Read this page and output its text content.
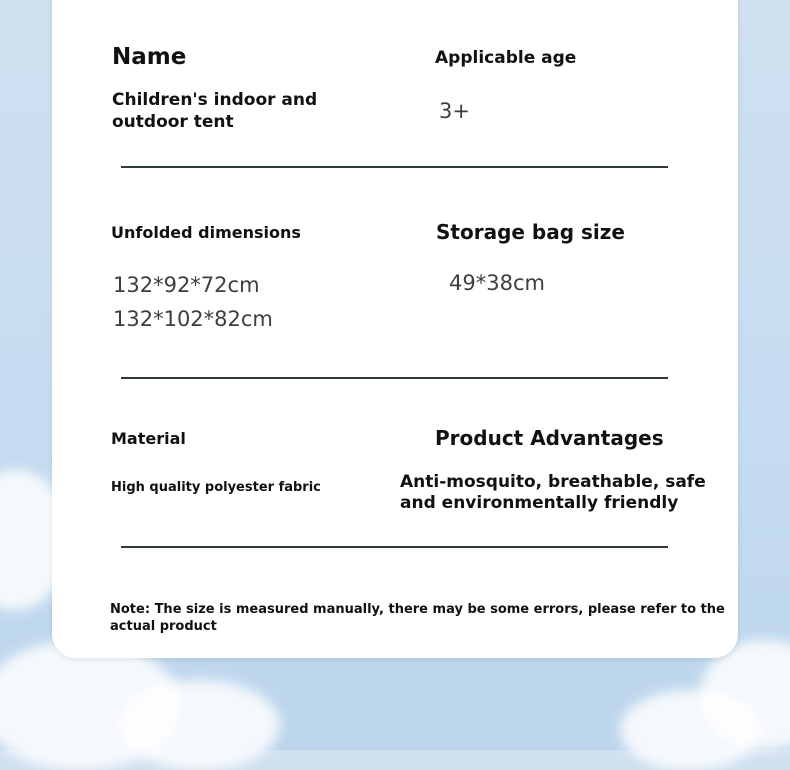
Name

Children's indoor and

outdoor tent

Applicable age

3+

Unfolded dimensions

132*92*72cm

132*102*82cm

Storage bag size

49*38cm

Material

High quality polyester fabric

Product Advantages

Anti-mosquito, breathable, safe

and environmentally friendly

Note: The size is measured manually, there may be some errors, please refer to the

actual product
